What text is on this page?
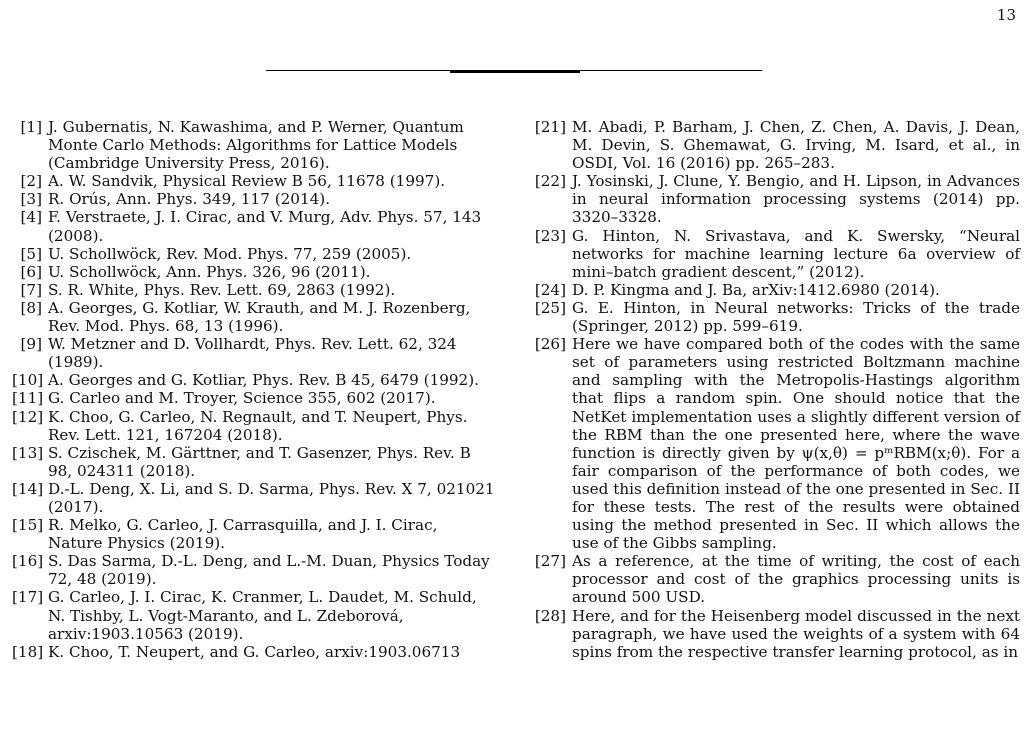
13
[1] J. Gubernatis, N. Kawashima, and P. Werner, Quantum Monte Carlo Methods: Algorithms for Lattice Models (Cambridge University Press, 2016).
[2] A. W. Sandvik, Physical Review B 56, 11678 (1997).
[3] R. Orús, Ann. Phys. 349, 117 (2014).
[4] F. Verstraete, J. I. Cirac, and V. Murg, Adv. Phys. 57, 143 (2008).
[5] U. Schollwöck, Rev. Mod. Phys. 77, 259 (2005).
[6] U. Schollwöck, Ann. Phys. 326, 96 (2011).
[7] S. R. White, Phys. Rev. Lett. 69, 2863 (1992).
[8] A. Georges, G. Kotliar, W. Krauth, and M. J. Rozenberg, Rev. Mod. Phys. 68, 13 (1996).
[9] W. Metzner and D. Vollhardt, Phys. Rev. Lett. 62, 324 (1989).
[10] A. Georges and G. Kotliar, Phys. Rev. B 45, 6479 (1992).
[11] G. Carleo and M. Troyer, Science 355, 602 (2017).
[12] K. Choo, G. Carleo, N. Regnault, and T. Neupert, Phys. Rev. Lett. 121, 167204 (2018).
[13] S. Czischek, M. Gärttner, and T. Gasenzer, Phys. Rev. B 98, 024311 (2018).
[14] D.-L. Deng, X. Li, and S. D. Sarma, Phys. Rev. X 7, 021021 (2017).
[15] R. Melko, G. Carleo, J. Carrasquilla, and J. I. Cirac, Nature Physics (2019).
[16] S. Das Sarma, D.-L. Deng, and L.-M. Duan, Physics Today 72, 48 (2019).
[17] G. Carleo, J. I. Cirac, K. Cranmer, L. Daudet, M. Schuld, N. Tishby, L. Vogt-Maranto, and L. Zdeborová, arxiv:1903.10563 (2019).
[18] K. Choo, T. Neupert, and G. Carleo, arxiv:1903.06713
[21] M. Abadi, P. Barham, J. Chen, Z. Chen, A. Davis, J. Dean, M. Devin, S. Ghemawat, G. Irving, M. Isard, et al., in OSDI, Vol. 16 (2016) pp. 265–283.
[22] J. Yosinski, J. Clune, Y. Bengio, and H. Lipson, in Advances in neural information processing systems (2014) pp. 3320–3328.
[23] G. Hinton, N. Srivastava, and K. Swersky, “Neural networks for machine learning lecture 6a overview of mini–batch gradient descent,” (2012).
[24] D. P. Kingma and J. Ba, arXiv:1412.6980 (2014).
[25] G. E. Hinton, in Neural networks: Tricks of the trade (Springer, 2012) pp. 599–619.
[26] Here we have compared both of the codes with the same set of parameters using restricted Boltzmann machine and sampling with the Metropolis-Hastings algorithm that flips a random spin. One should notice that the NetKet implementation uses a slightly different version of the RBM than the one presented here, where the wave function is directly given by ψ(x,θ) = pᵐRBM(x;θ). For a fair comparison of the performance of both codes, we used this definition instead of the one presented in Sec. II for these tests. The rest of the results were obtained using the method presented in Sec. II which allows the use of the Gibbs sampling.
[27] As a reference, at the time of writing, the cost of each processor and cost of the graphics processing units is around 500 USD.
[28] Here, and for the Heisenberg model discussed in the next paragraph, we have used the weights of a system with 64 spins from the respective transfer learning protocol, as in
